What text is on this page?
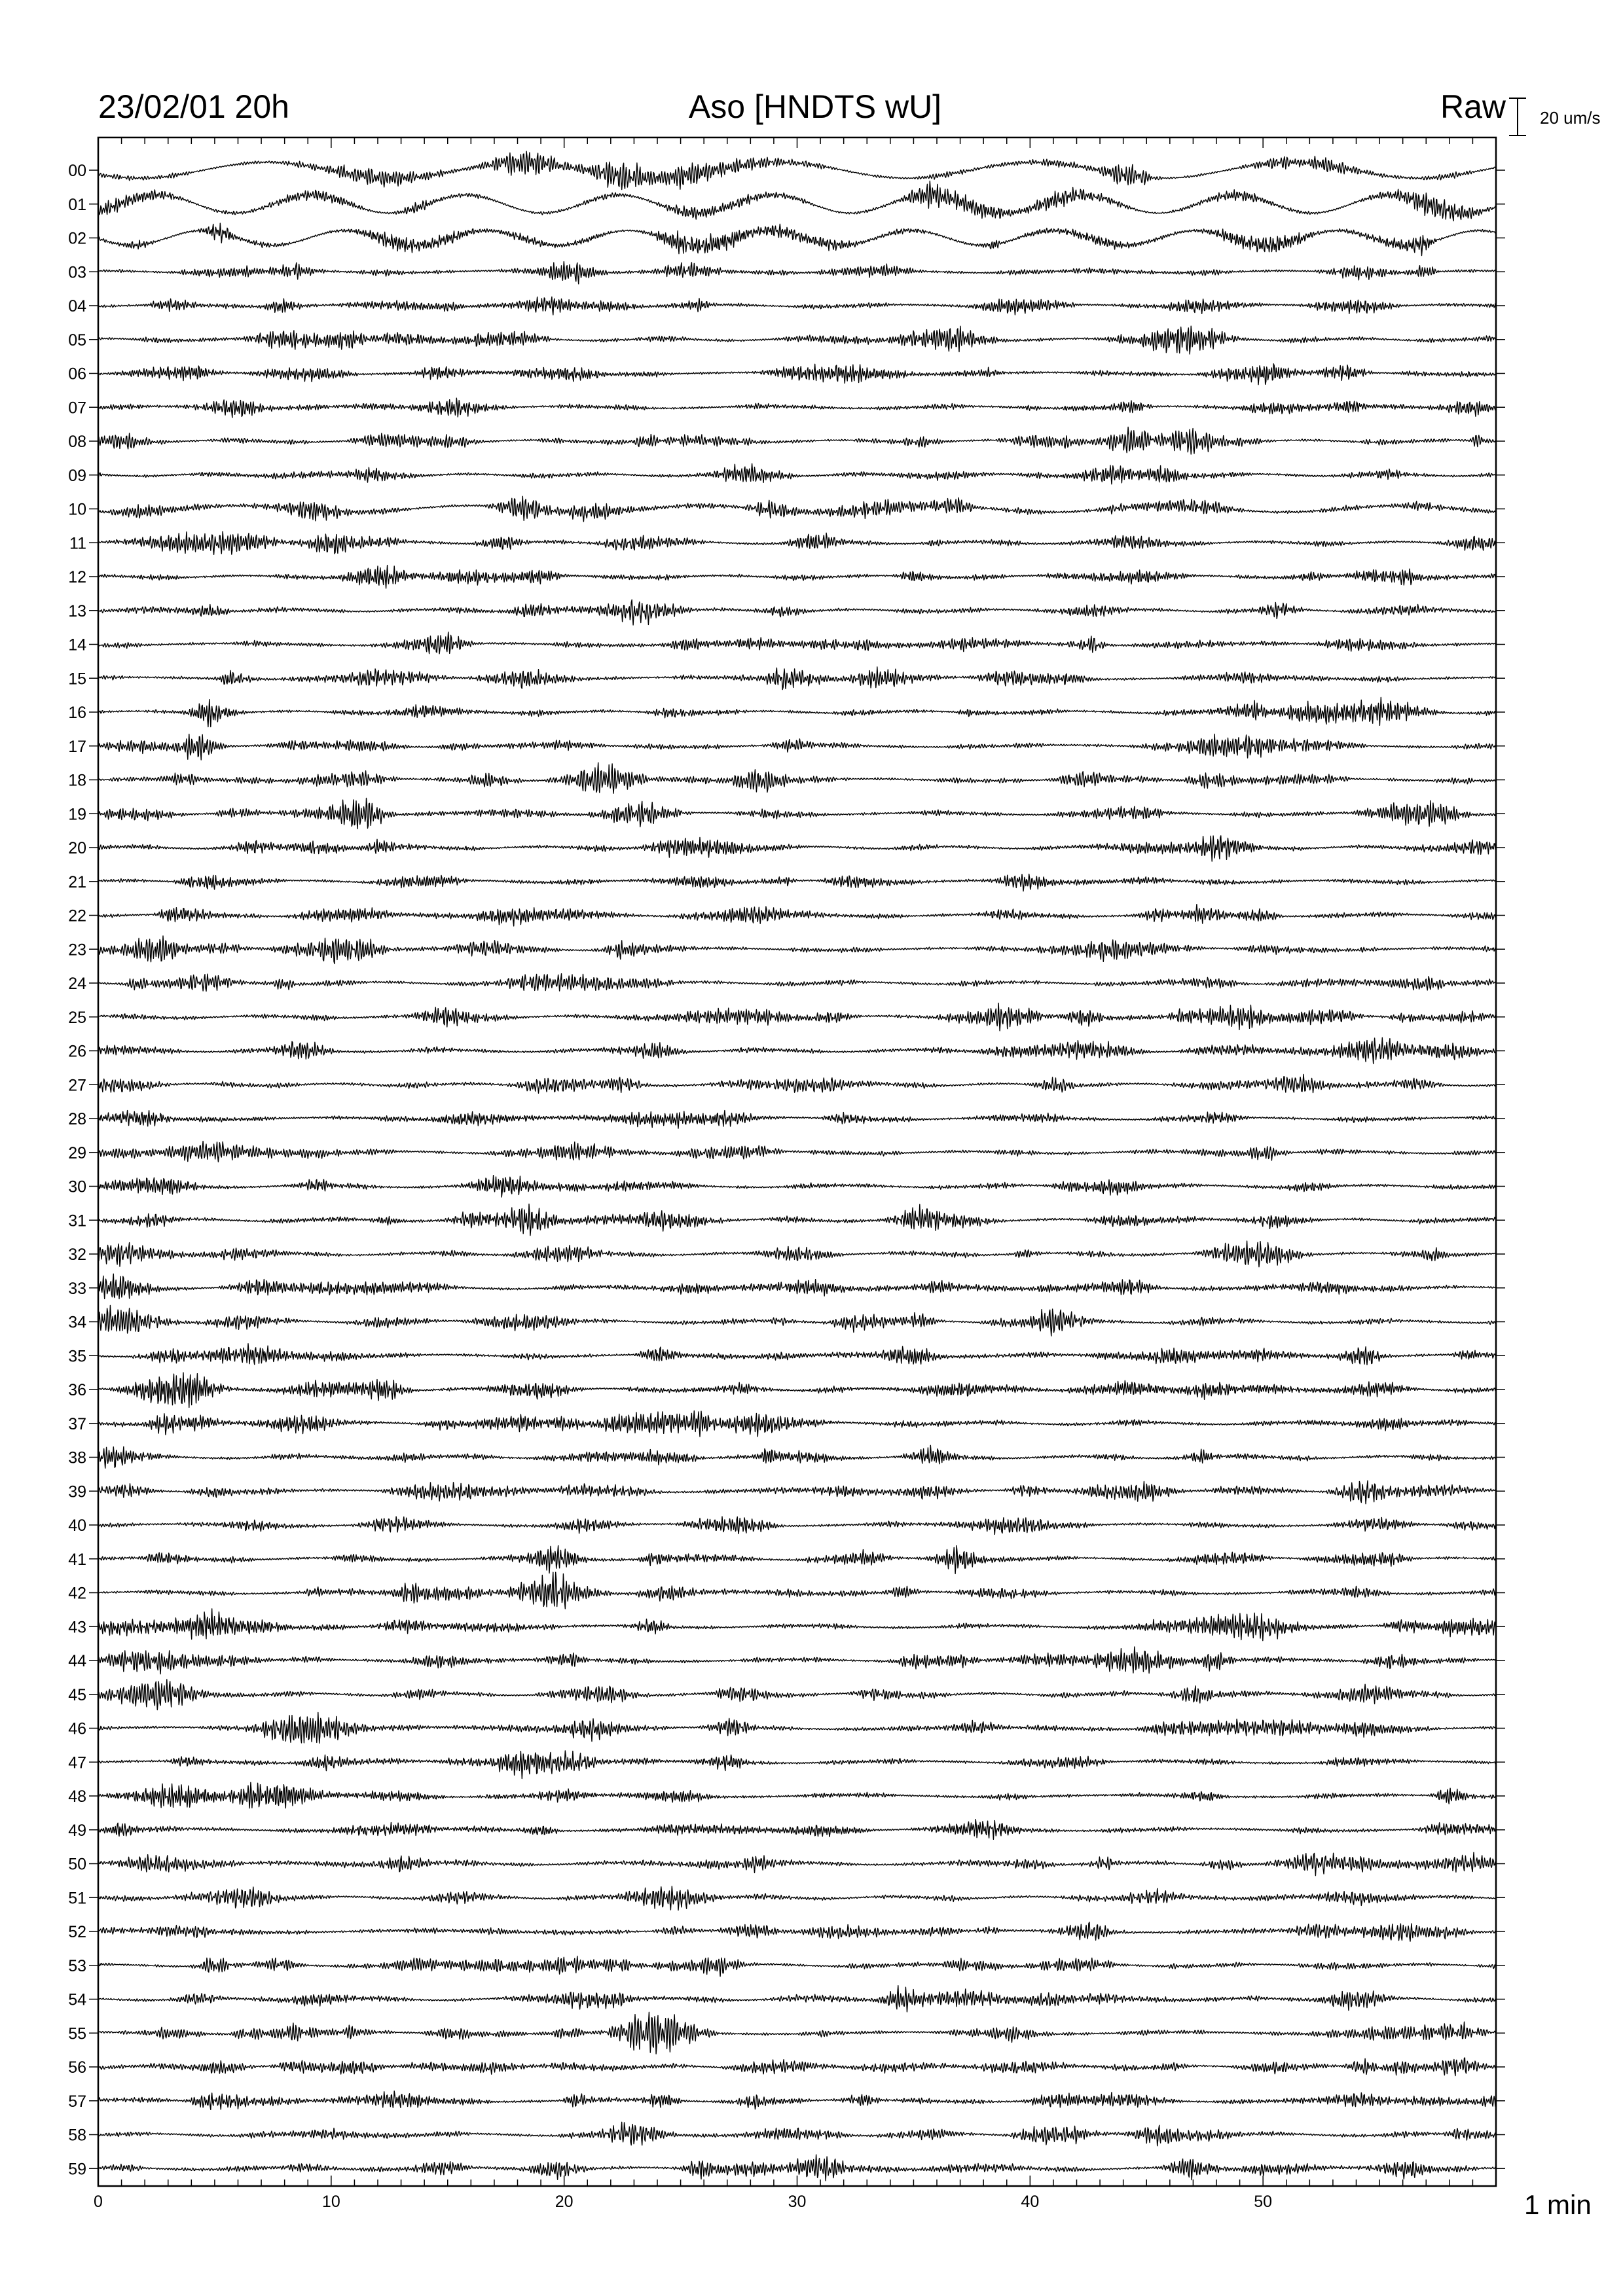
23/02/01 20h	Aso [HNDTS wU]	Raw 20 um/s
1 min
00
01
02
03
04
05
06
07
08
09
10
11
12
13
14
15
16
17
18
19
20
21
22
23
24
25
26
27
28
29
30
31
32
33
34
35
36
37
38
39
40
41
42
43
44
45
46
47
48
49
50
51
52
53
54
55
56
57
58
59
0	10	20	30	40	50
